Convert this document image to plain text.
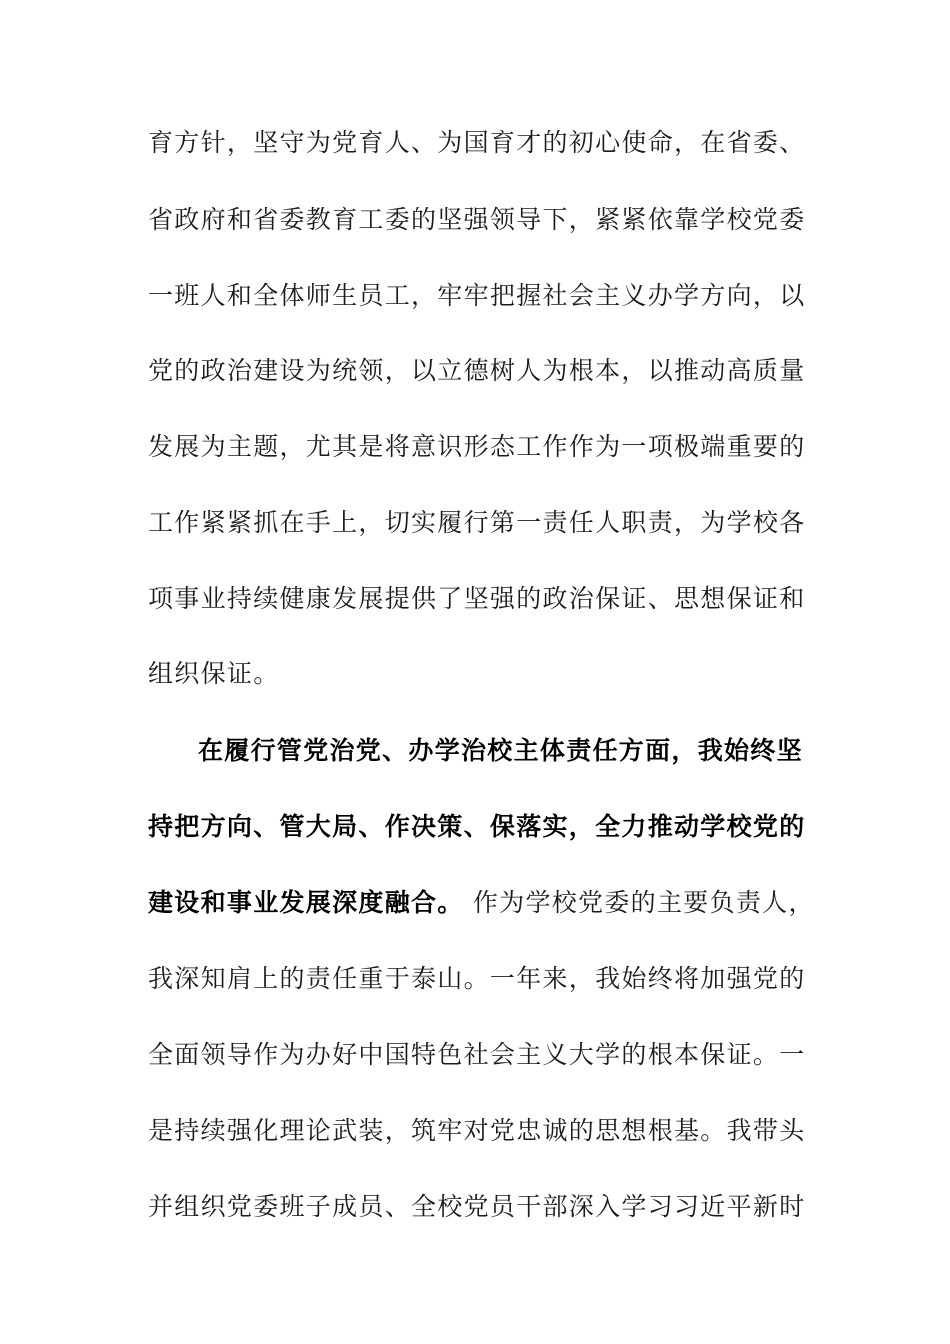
育方针，坚守为党育人、为国育才的初心使命，在省委、
省政府和省委教育工委的坚强领导下，紧紧依靠学校党委
一班人和全体师生员工，牢牢把握社会主义办学方向，以
党的政治建设为统领，以立德树人为根本，以推动高质量
发展为主题，尤其是将意识形态工作作为一项极端重要的
工作紧紧抓在手上，切实履行第一责任人职责，为学校各
项事业持续健康发展提供了坚强的政治保证、思想保证和
组织保证。
在履行管党治党、办学治校主体责任方面，我始终坚
持把方向、管大局、作决策、保落实，全力推动学校党的
建设和事业发展深度融合。 作为学校党委的主要负责人，
我深知肩上的责任重于泰山。一年来，我始终将加强党的
全面领导作为办好中国特色社会主义大学的根本保证。一
是持续强化理论武装，筑牢对党忠诚的思想根基。我带头
并组织党委班子成员、全校党员干部深入学习习近平新时
